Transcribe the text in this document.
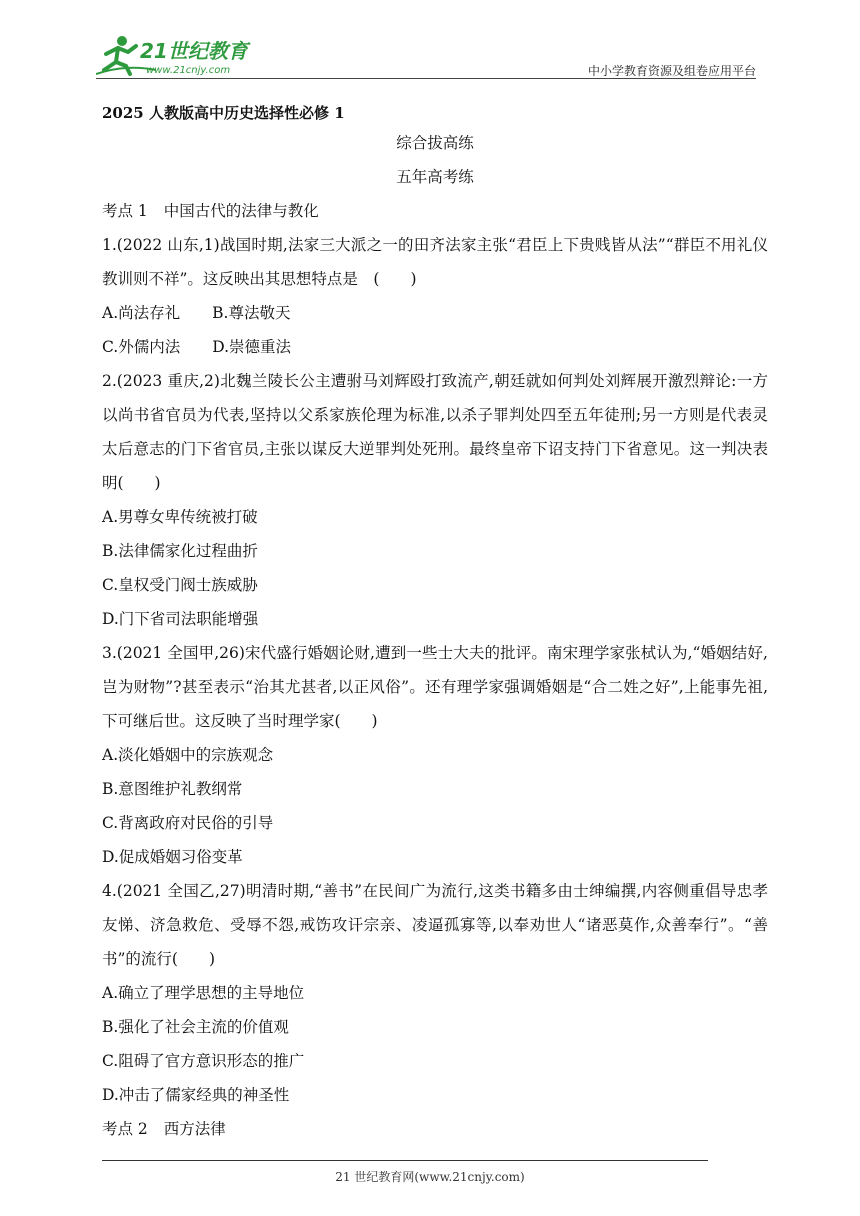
21世纪教育
www.21cnjy.com	中小学教育资源及组卷应用平台

2025 人教版高中历史选择性必修 1

综合拔高练
五年高考练

考点 1 中国古代的法律与教化

1.(2022 山东,1)战国时期,法家三大派之一的田齐法家主张“君臣上下贵贱皆从法”“群臣不用礼仪教训则不祥”。这反映出其思想特点是　(　　)

A.尚法存礼 B.尊法敬天

C.外儒内法 D.崇德重法

2.(2023 重庆,2)北魏兰陵长公主遭驸马刘辉殴打致流产,朝廷就如何判处刘辉展开激烈辩论:一方以尚书省官员为代表,坚持以父系家族伦理为标准,以杀子罪判处四至五年徒刑;另一方则是代表灵太后意志的门下省官员,主张以谋反大逆罪判处死刑。最终皇帝下诏支持门下省意见。这一判决表明(　　)

A.男尊女卑传统被打破

B.法律儒家化过程曲折

C.皇权受门阀士族威胁

D.门下省司法职能增强

3.(2021 全国甲,26)宋代盛行婚姻论财,遭到一些士大夫的批评。南宋理学家张栻认为,“婚姻结好,岂为财物”?甚至表示“治其尤甚者,以正风俗”。还有理学家强调婚姻是“合二姓之好”,上能事先祖,下可继后世。这反映了当时理学家(　　)

A.淡化婚姻中的宗族观念

B.意图维护礼教纲常

C.背离政府对民俗的引导

D.促成婚姻习俗变革

4.(2021 全国乙,27)明清时期,“善书”在民间广为流行,这类书籍多由士绅编撰,内容侧重倡导忠孝友悌、济急救危、受辱不怨,戒饬攻讦宗亲、凌逼孤寡等,以奉劝世人“诸恶莫作,众善奉行”。“善书”的流行(　　)

A.确立了理学思想的主导地位

B.强化了社会主流的价值观

C.阻碍了官方意识形态的推广

D.冲击了儒家经典的神圣性

考点 2 西方法律

21 世纪教育网(www.21cnjy.com)
